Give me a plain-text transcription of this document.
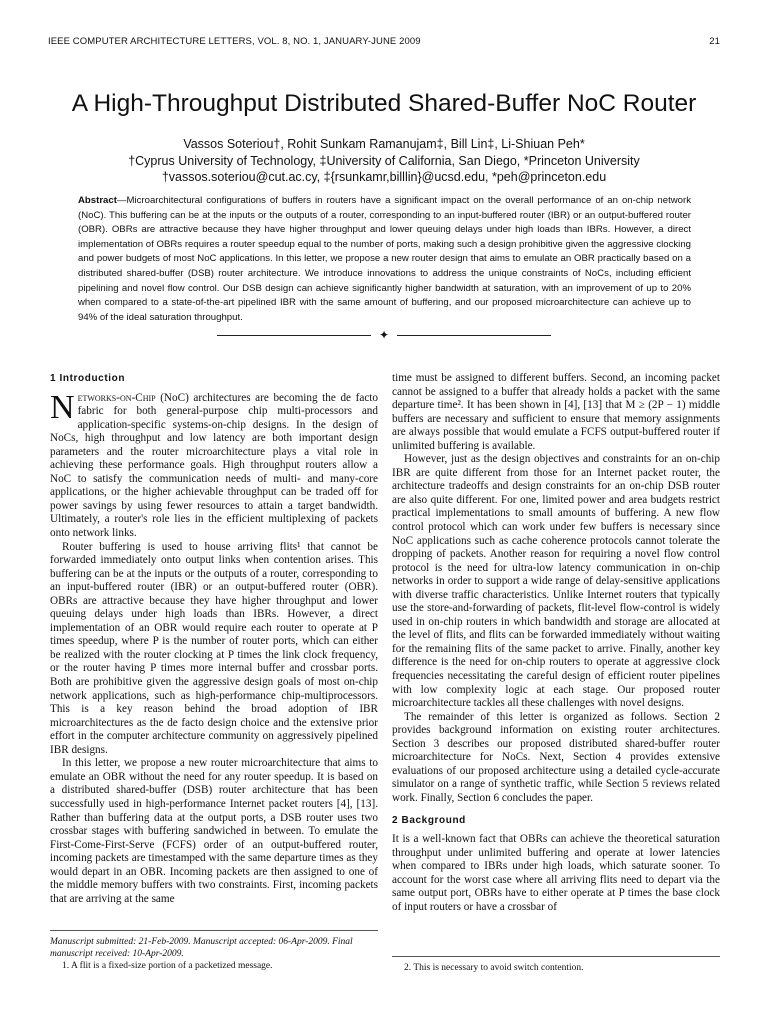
IEEE COMPUTER ARCHITECTURE LETTERS, VOL. 8, NO. 1, JANUARY-JUNE 2009	21
A High-Throughput Distributed Shared-Buffer NoC Router
Vassos Soteriou†, Rohit Sunkam Ramanujam‡, Bill Lin‡, Li-Shiuan Peh*
†Cyprus University of Technology, ‡University of California, San Diego, *Princeton University
†vassos.soteriou@cut.ac.cy, ‡{rsunkamr,billlin}@ucsd.edu, *peh@princeton.edu
Abstract—Microarchitectural configurations of buffers in routers have a significant impact on the overall performance of an on-chip network (NoC). This buffering can be at the inputs or the outputs of a router, corresponding to an input-buffered router (IBR) or an output-buffered router (OBR). OBRs are attractive because they have higher throughput and lower queuing delays under high loads than IBRs. However, a direct implementation of OBRs requires a router speedup equal to the number of ports, making such a design prohibitive given the aggressive clocking and power budgets of most NoC applications. In this letter, we propose a new router design that aims to emulate an OBR practically based on a distributed shared-buffer (DSB) router architecture. We introduce innovations to address the unique constraints of NoCs, including efficient pipelining and novel flow control. Our DSB design can achieve significantly higher bandwidth at saturation, with an improvement of up to 20% when compared to a state-of-the-art pipelined IBR with the same amount of buffering, and our proposed microarchitecture can achieve up to 94% of the ideal saturation throughput.
✦
1 Introduction

Networks-on-Chip (NoC) architectures are becoming the de facto fabric for both general-purpose chip multi-processors and application-specific systems-on-chip designs. In the design of NoCs, high throughput and low latency are both important design parameters and the router microarchitecture plays a vital role in achieving these performance goals. High throughput routers allow a NoC to satisfy the communication needs of multi- and many-core applications, or the higher achievable throughput can be traded off for power savings by using fewer resources to attain a target bandwidth. Ultimately, a router's role lies in the efficient multiplexing of packets onto network links.

Router buffering is used to house arriving flits¹ that cannot be forwarded immediately onto output links when contention arises. This buffering can be at the inputs or the outputs of a router, corresponding to an input-buffered router (IBR) or an output-buffered router (OBR). OBRs are attractive because they have higher throughput and lower queuing delays under high loads than IBRs. However, a direct implementation of an OBR would require each router to operate at P times speedup, where P is the number of router ports, which can either be realized with the router clocking at P times the link clock frequency, or the router having P times more internal buffer and crossbar ports. Both are prohibitive given the aggressive design goals of most on-chip network applications, such as high-performance chip-multiprocessors. This is a key reason behind the broad adoption of IBR microarchitectures as the de facto design choice and the extensive prior effort in the computer architecture community on aggressively pipelined IBR designs.

In this letter, we propose a new router microarchitecture that aims to emulate an OBR without the need for any router speedup. It is based on a distributed shared-buffer (DSB) router architecture that has been successfully used in high-performance Internet packet routers [4], [13]. Rather than buffering data at the output ports, a DSB router uses two crossbar stages with buffering sandwiched in between. To emulate the First-Come-First-Serve (FCFS) order of an output-buffered router, incoming packets are timestamped with the same departure times as they would depart in an OBR. Incoming packets are then assigned to one of the middle memory buffers with two constraints. First, incoming packets that are arriving at the same

time must be assigned to different buffers. Second, an incoming packet cannot be assigned to a buffer that already holds a packet with the same departure time². It has been shown in [4], [13] that M ≥ (2P − 1) middle buffers are necessary and sufficient to ensure that memory assignments are always possible that would emulate a FCFS output-buffered router if unlimited buffering is available.

However, just as the design objectives and constraints for an on-chip IBR are quite different from those for an Internet packet router, the architecture tradeoffs and design constraints for an on-chip DSB router are also quite different. For one, limited power and area budgets restrict practical implementations to small amounts of buffering. A new flow control protocol which can work under few buffers is necessary since NoC applications such as cache coherence protocols cannot tolerate the dropping of packets. Another reason for requiring a novel flow control protocol is the need for ultra-low latency communication in on-chip networks in order to support a wide range of delay-sensitive applications with diverse traffic characteristics. Unlike Internet routers that typically use the store-and-forwarding of packets, flit-level flow-control is widely used in on-chip routers in which bandwidth and storage are allocated at the level of flits, and flits can be forwarded immediately without waiting for the remaining flits of the same packet to arrive. Finally, another key difference is the need for on-chip routers to operate at aggressive clock frequencies necessitating the careful design of efficient router pipelines with low complexity logic at each stage. Our proposed router microarchitecture tackles all these challenges with novel designs.

The remainder of this letter is organized as follows. Section 2 provides background information on existing router architectures. Section 3 describes our proposed distributed shared-buffer router microarchitecture for NoCs. Next, Section 4 provides extensive evaluations of our proposed architecture using a detailed cycle-accurate simulator on a range of synthetic traffic, while Section 5 reviews related work. Finally, Section 6 concludes the paper.

2 Background

It is a well-known fact that OBRs can achieve the theoretical saturation throughput under unlimited buffering and operate at lower latencies when compared to IBRs under high loads, which saturate sooner. To account for the worst case where all arriving flits need to depart via the same output port, OBRs have to either operate at P times the base clock of input routers or have a crossbar of

Manuscript submitted: 21-Feb-2009. Manuscript accepted: 06-Apr-2009. Final manuscript received: 10-Apr-2009.
1. A flit is a fixed-size portion of a packetized message.	2. This is necessary to avoid switch contention.
